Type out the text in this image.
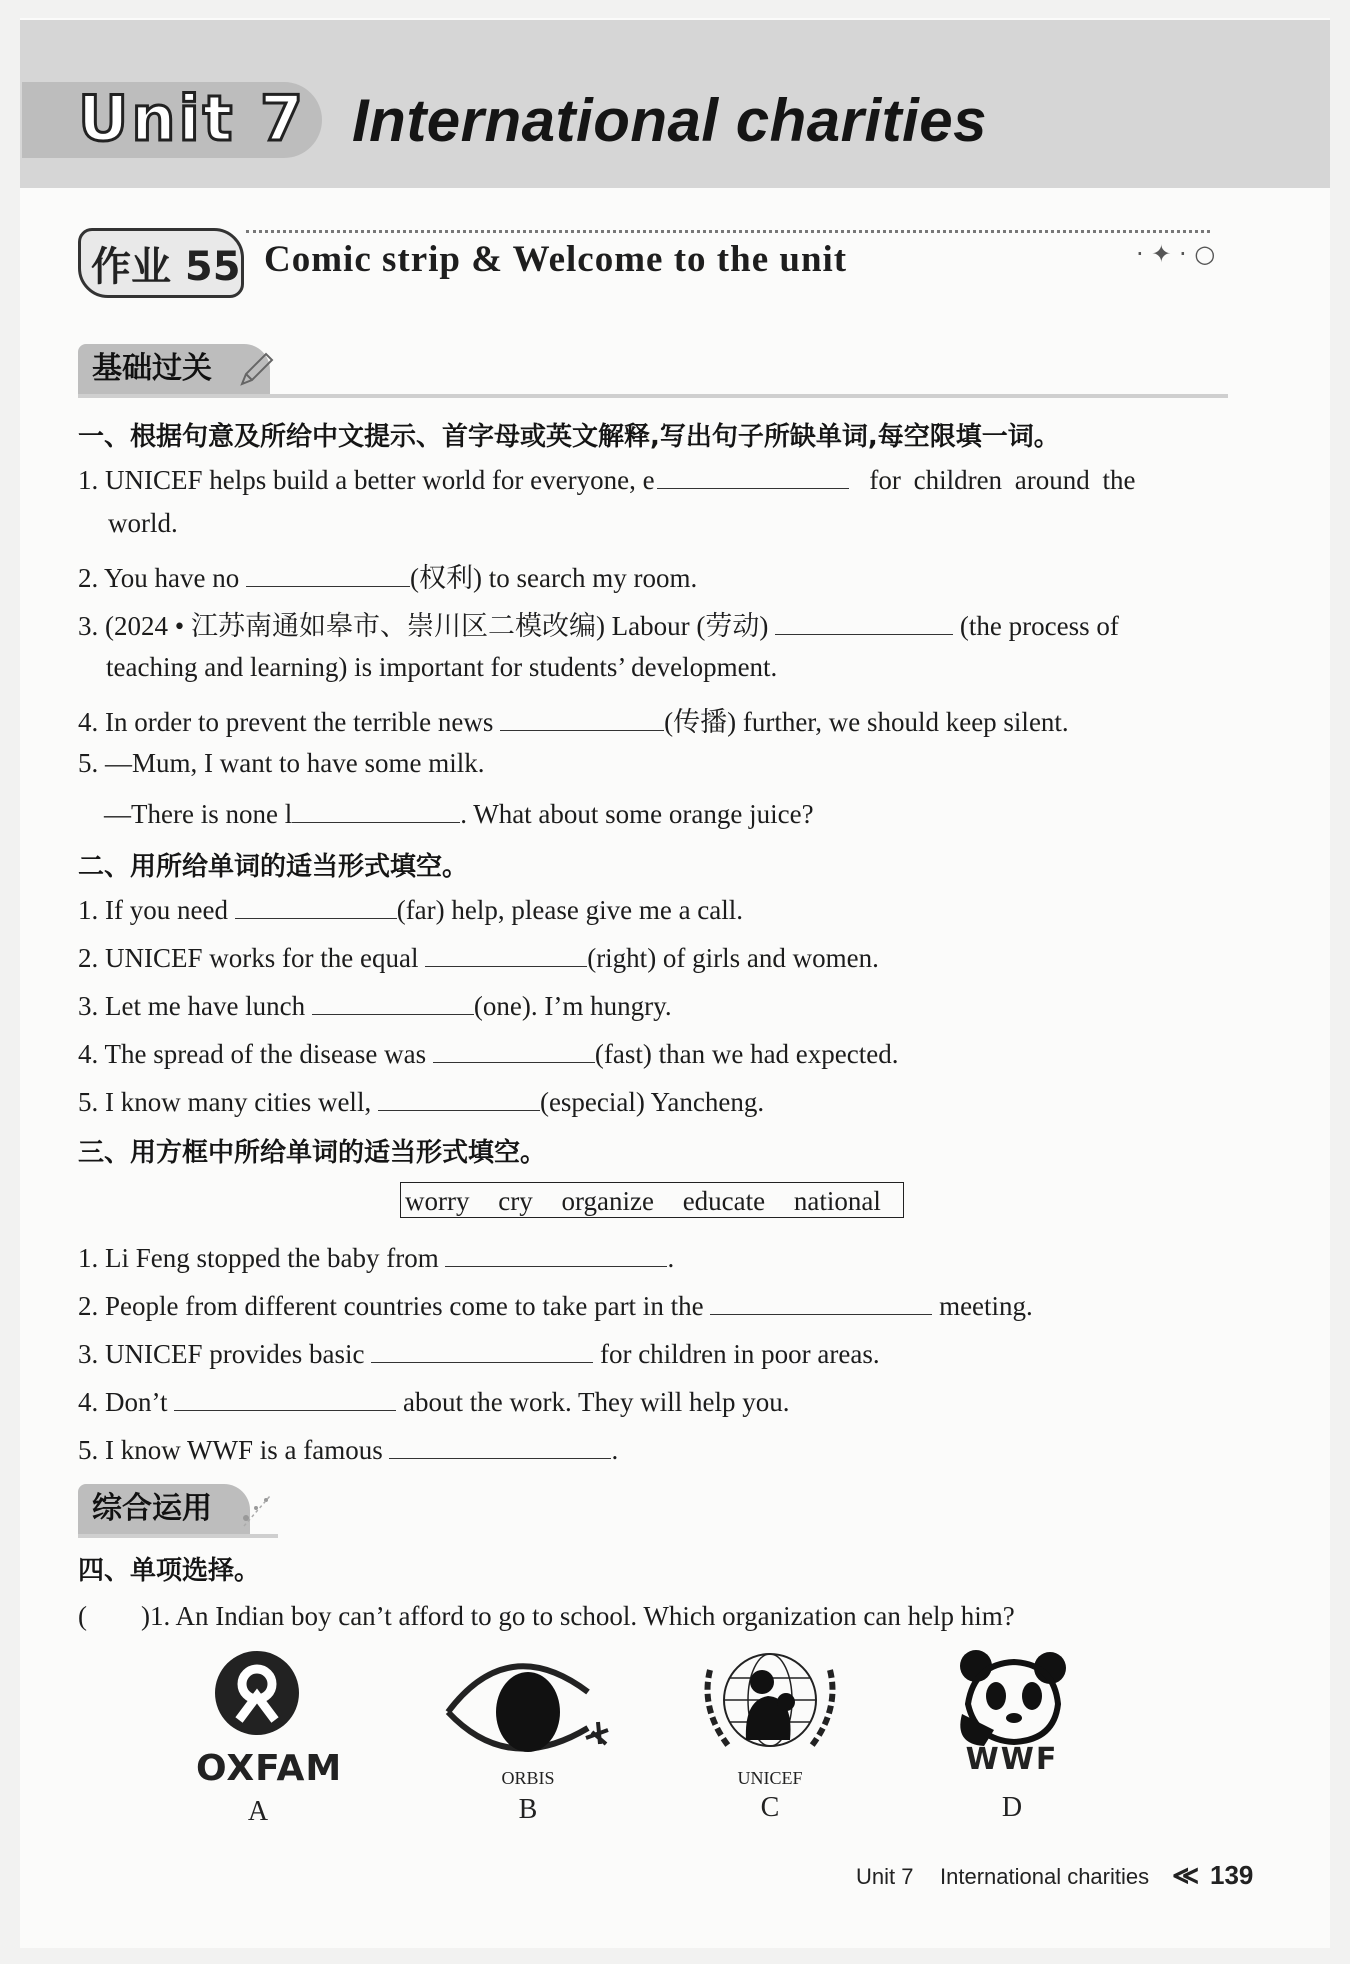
Unit 7 International charities
作业 55 Comic strip & Welcome to the unit	· ✦ · ○
基础过关
一、根据句意及所给中文提示、首字母或英文解释,写出句子所缺单词,每空限填一词。
1. UNICEF helps build a better world for everyone, e	for children around the
world.
2. You have no	(权利) to search my room.
3. (2024 • 江苏南通如皋市、崇川区二模改编) Labour (劳动)	(the process of
teaching and learning) is important for students’ development.
4. In order to prevent the terrible news	(传播) further, we should keep silent.
5. —Mum, I want to have some milk.
—There is none l	. What about some orange juice?
二、用所给单词的适当形式填空。
1. If you need	(far) help, please give me a call.
2. UNICEF works for the equal	(right) of girls and women.
3. Let me have lunch	(one). I’m hungry.
4. The spread of the disease was	(fast) than we had expected.
5. I know many cities well,	(especial) Yancheng.
三、用方框中所给单词的适当形式填空。
worry cry organize educate national
1. Li Feng stopped the baby from	.
2. People from different countries come to take part in the	meeting.
3. UNICEF provides basic	for children in poor areas.
4. Don’t	about the work. They will help you.
5. I know WWF is a famous	.
综合运用
四、单项选择。
(　　)1. An Indian boy can’t afford to go to school. Which organization can help him?
OXFAM
A
ORBIS
B
UNICEF
C
WWF
D
Unit 7 International charities ≪ 139
